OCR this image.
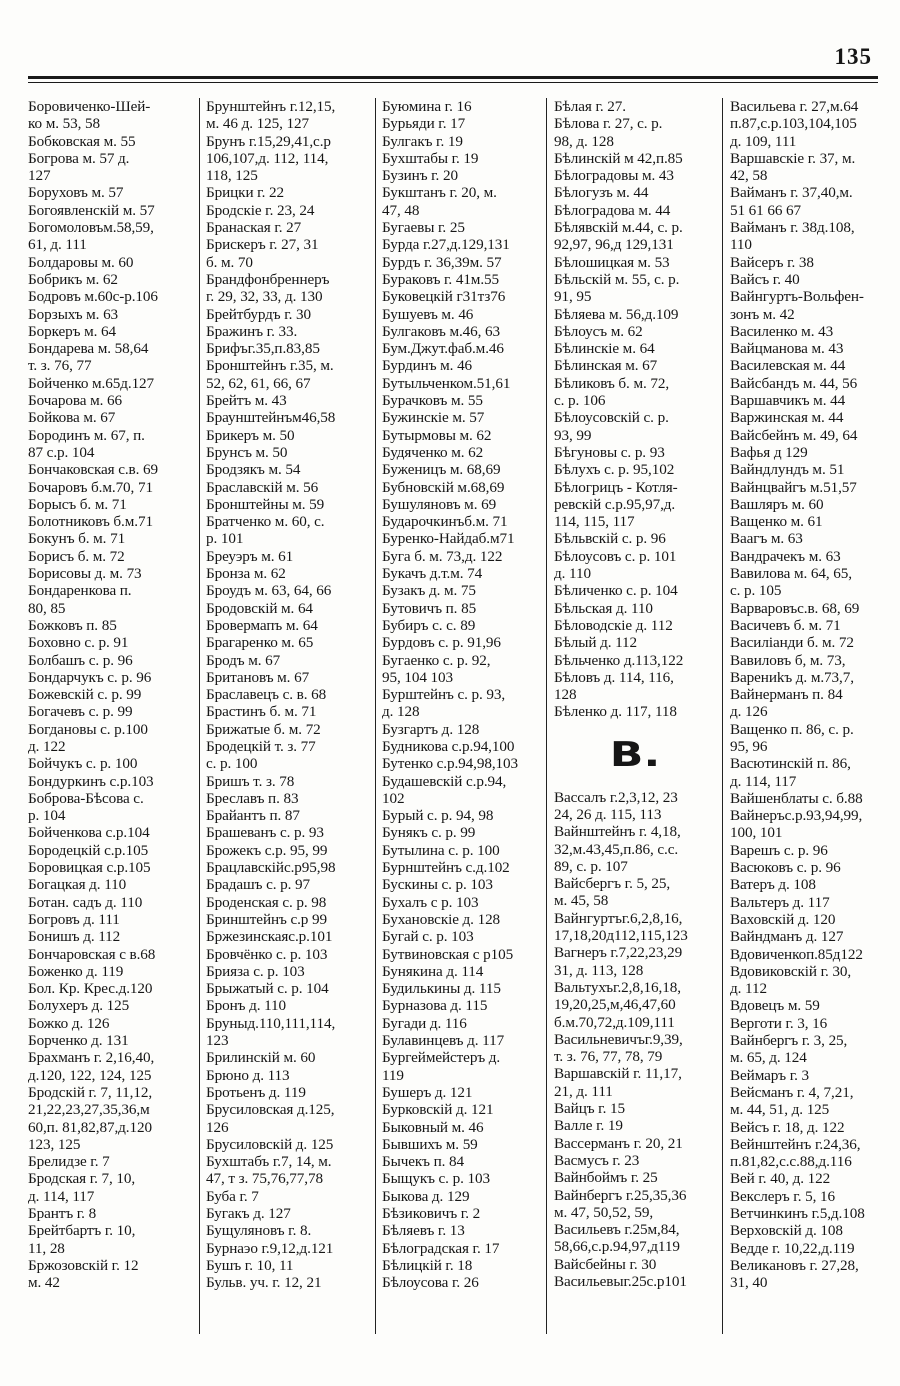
135
Боровиченко-Шей-
ко м. 53, 58
Бобковская м. 55
Богрова м. 57 д.
127
Боруховъ м. 57
Богоявленскій м. 57
Богомоловъм.58,59,
61, д. 111
Болдаровы м. 60
Бобрикъ м. 62
Бодровъ м.60с-р.106
Борзыхъ м. 63
Боркеръ м. 64
Бондарева м. 58,64
т. з. 76, 77
Бойченко м.65д.127
Бочарова м. 66
Бойкова м. 67
Бородинъ м. 67, п.
87 с.р. 104
Бончаковская с.в. 69
Бочаровъ б.м.70, 71
Борысъ б. м. 71
Болотниковъ б.м.71
Бокунъ б. м. 71
Борисъ б. м. 72
Борисовы д. м. 73
Бондаренкова п.
80, 85
Божковъ п. 85
Боховно с. р. 91
Болбашъ с. р. 96
Бондарчукъ с. р. 96
Божевскій с. р. 99
Богачевъ с. р. 99
Богдановы с. р.100
д. 122
Бойчукъ с. р. 100
Бондуркинъ с.р.103
Боброва-Бѣсова с.
р. 104
Бойченкова с.р.104
Бородецкій с.р.105
Боровицкая с.р.105
Богацкая д. 110
Ботан. садъ д. 110
Богровъ д. 111
Бонишъ д. 112
Бончаровская с в.68
Боженко д. 119
Бол. Кр. Крес.д.120
Болухеръ д. 125
Божко д. 126
Борченко д. 131
Брахманъ г. 2,16,40,
д.120, 122, 124, 125
Бродскій г. 7, 11,12,
21,22,23,27,35,36,м
60,п. 81,82,87,д.120
123, 125
Брелидзе г. 7
Бродская г. 7, 10,
д. 114, 117
Брантъ г. 8
Брейтбартъ г. 10,
11, 28
Бржозовскій г. 12
м. 42
Брунштейнъ г.12,15,
м. 46 д. 125, 127
Брунъ г.15,29,41,с.р
106,107,д. 112, 114,
118, 125
Брицки г. 22
Бродскіе г. 23, 24
Бранаская г. 27
Брискеръ г. 27, 31
б. м. 70
Брандфонбреннеръ
г. 29, 32, 33, д. 130
Брейтбурдъ г. 30
Бражинъ г. 33.
Брифъг.35,п.83,85
Бронштейнъ г.35, м.
52, 62, 61, 66, 67
Брейтъ м. 43
Браунштейнъм46,58
Брикеръ м. 50
Брунсъ м. 50
Бродзякъ м. 54
Браславскій м. 56
Бронштейны м. 59
Братченко м. 60, с.
р. 101
Бреуэръ м. 61
Бронза м. 62
Броудъ м. 63, 64, 66
Бродовскій м. 64
Бровермапъ м. 64
Брагаренко м. 65
Бродъ м. 67
Британовъ м. 67
Браславецъ с. в. 68
Брастинъ б. м. 71
Брижатые б. м. 72
Бродецкій т. з. 77
с. р. 100
Бришъ т. з. 78
Бреславъ п. 83
Брайантъ п. 87
Брашеванъ с. р. 93
Брожекъ с.р. 95, 99
Брацлавскійс.р95,98
Брадашъ с. р. 97
Броденская с. р. 98
Бринштейнъ с.р 99
Бржезинскаяс.р.101
Бровчёнко с. р. 103
Бриязa с. р. 103
Брыжатый с. р. 104
Бронъ д. 110
Бруныд.110,111,114,
123
Брилинскій м. 60
Брюно д. 113
Бротьенъ д. 119
Брусиловская д.125,
126
Брусиловскій д. 125
Бухштабъ г.7, 14, м.
47, т з. 75,76,77,78
Буба г. 7
Бугакъ д. 127
Бущуляновъ г. 8.
Бурнаэо г.9,12,д.121
Бушъ г. 10, 11
Бульв. уч. г. 12, 21
Буюмина г. 16
Бурьяди г. 17
Булгакъ г. 19
Бухштабы г. 19
Бузинъ г. 20
Букштанъ г. 20, м.
47, 48
Бугаевы г. 25
Бурда г.27,д.129,131
Бурдъ г. 36,39м. 57
Бураковъ г. 41м.55
Буковецкій г31тз76
Бушуевъ м. 46
Булгаковъ м.46, 63
Бум.Джут.фаб.м.46
Бурдинъ м. 46
Бутыльченком.51,61
Бурачковъ м. 55
Бужинскіе м. 57
Бутырмовы м. 62
Будяченко м. 62
Буженицъ м. 68,69
Бубновскій м.68,69
Бушуляновъ м. 69
Бударочкинъб.м. 71
Буренко-Найдаб.м71
Буга б. м. 73,д. 122
Букачъ д.т.м. 74
Бузакъ д. м. 75
Бутовичъ п. 85
Бубиръ с. с. 89
Бурдовъ с. р. 91,96
Бугаенко с. р. 92,
95, 104 103
Бурштейнъ с. р. 93,
д. 128
Бузгартъ д. 128
Будникова с.р.94,100
Бутенко с.р.94,98,103
Будашевскій с.р.94,
102
Бурый с. р. 94, 98
Бунякъ с. р. 99
Бутылина с. р. 100
Бурнштейнъ с.д.102
Бускины с. р. 103
Бухалъ с р. 103
Бухановскіе д. 128
Бугай с. р. 103
Бутвиновская с р105
Бунякина д. 114
Будилькины д. 115
Бурназова д. 115
Бугади д. 116
Булавинцевъ д. 117
Бургеймейстеръ д.
119
Бушеръ д. 121
Бурковскій д. 121
Быковный м. 46
Бывшихъ м. 59
Бычекъ п. 84
Быщукъ с. р. 103
Быкова д. 129
Бѣзиковичъ г. 2
Бѣляевъ г. 13
Бѣлоградская г. 17
Бѣлицкій г. 18
Бѣлоусова г. 26
Бѣлая г. 27.
Бѣлова г. 27, с. р.
98, д. 128
Бѣлинскій м 42,п.85
Бѣлоградовы м. 43
Бѣлогузъ м. 44
Бѣлоградова м. 44
Бѣлявскій м.44, с. р.
92,97, 96,д 129,131
Бѣлошицкая м. 53
Бѣльскій м. 55, с. р.
91, 95
Бѣляева м. 56,д.109
Бѣлоусъ м. 62
Бѣлинскіе м. 64
Бѣлинская м. 67
Бѣликовъ б. м. 72,
с. р. 106
Бѣлоусовскій с. р.
93, 99
Бѣгуновы с. р. 93
Бѣлухъ с. р. 95,102
Бѣлогрицъ - Котля-
ревскій с.р.95,97,д.
114, 115, 117
Бѣльвскій с. р. 96
Бѣлоусовъ с. р. 101
д. 110
Бѣличенко с. р. 104
Бѣльская д. 110
Бѣловодскіе д. 112
Бѣлый д. 112
Бѣльченко д.113,122
Бѣловъ д. 114, 116,
128
Бѣленко д. 117, 118
В.
Вассалъ г.2,3,12, 23
24, 26 д. 115, 113
Вайнштейнъ г. 4,18,
32,м.43,45,п.86, с.с.
89, с. р. 107
Вайсбергъ г. 5, 25,
м. 45, 58
Вайнгуртъг.6,2,8,16,
17,18,20д112,115,123
Вагнеръ г.7,22,23,29
31, д. 113, 128
Вальтухъг.2,8,16,18,
19,20,25,м,46,47,60
б.м.70,72,д.109,111
Васильневичъг.9,39,
т. з. 76, 77, 78, 79
Варшавскій г. 11,17,
21, д. 111
Вайцъ г. 15
Валле г. 19
Вассерманъ г. 20, 21
Васмусъ г. 23
Вайнбоймъ г. 25
Вайнбергъ г.25,35,36
м. 47, 50,52, 59,
Васильевъ г.25м,84,
58,66,с.р.94,97,д119
Вайсбейны г. 30
Васильевыг.25с.р101
Васильева г. 27,м.64
п.87,с.р.103,104,105
д. 109, 111
Варшавскіе г. 37, м.
42, 58
Вайманъ г. 37,40,м.
51 61 66 67
Вайманъ г. 38д.108,
110
Вайсеръ г. 38
Вайсъ г. 40
Вайнгуртъ-Вольфен-
зонъ м. 42
Василенко м. 43
Вайцманова м. 43
Василевская м. 44
Вайсбандъ м. 44, 56
Варшавчикъ м. 44
Варжинская м. 44
Вайсбейнъ м. 49, 64
Вафья д 129
Вайндлундъ м. 51
Вайнцвайгъ м.51,57
Вашляръ м. 60
Ващенко м. 61
Ваагъ м. 63
Вандрачекъ м. 63
Вавилова м. 64, 65,
с. р. 105
Варваровъс.в. 68, 69
Васичевъ б. м. 71
Василіанди б. м. 72
Вавиловъ б, м. 73,
Варениkъ д. м.73,7,
Вайнерманъ п. 84
д. 126
Ващенко п. 86, с. р.
95, 96
Васютинскій п. 86,
д. 114, 117
Вайшенблаты с. б.88
Вайнеръс.р.93,94,99,
100, 101
Варешъ с. р. 96
Васюковъ с. р. 96
Ватеръ д. 108
Вальтеръ д. 117
Ваховскій д. 120
Вайндманъ д. 127
Вдовиченкоп.85д122
Вдовиковскій г. 30,
д. 112
Вдовецъ м. 59
Верготи г. 3, 16
Вайнбергъ г. 3, 25,
м. 65, д. 124
Веймаръ г. 3
Вейсманъ г. 4, 7,21,
м. 44, 51, д. 125
Вейсъ г. 18, д. 122
Вейнштейнъ г.24,36,
п.81,82,с.с.88,д.116
Вей г. 40, д. 122
Векслеръ г. 5, 16
Ветчинкинъ г.5,д.108
Верховскій д. 108
Ведде г. 10,22,д.119
Великановъ г. 27,28,
31, 40
